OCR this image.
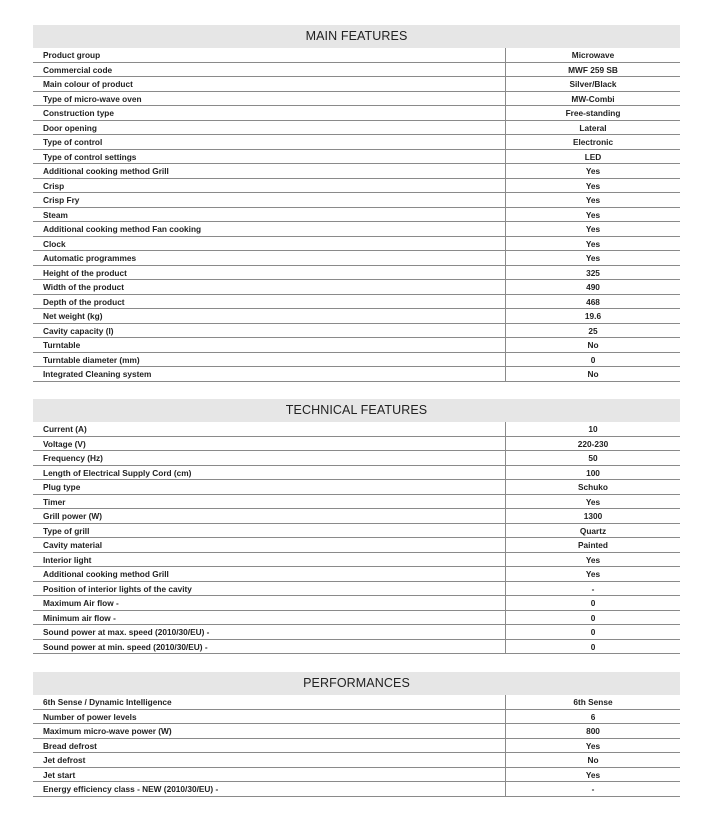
MAIN FEATURES
Product group	Microwave
Commercial code	MWF 259 SB
Main colour of product	Silver/Black
Type of micro-wave oven	MW-Combi
Construction type	Free-standing
Door opening	Lateral
Type of control	Electronic
Type of control settings	LED
Additional cooking method Grill	Yes
Crisp	Yes
Crisp Fry	Yes
Steam	Yes
Additional cooking method Fan cooking	Yes
Clock	Yes
Automatic programmes	Yes
Height of the product	325
Width of the product	490
Depth of the product	468
Net weight (kg)	19.6
Cavity capacity (l)	25
Turntable	No
Turntable diameter (mm)	0
Integrated Cleaning system	No
TECHNICAL FEATURES
Current (A)	10
Voltage (V)	220-230
Frequency (Hz)	50
Length of Electrical Supply Cord (cm)	100
Plug type	Schuko
Timer	Yes
Grill power (W)	1300
Type of grill	Quartz
Cavity material	Painted
Interior light	Yes
Additional cooking method Grill	Yes
Position of interior lights of the cavity	-
Maximum Air flow -	0
Minimum air flow -	0
Sound power at max. speed (2010/30/EU) -	0
Sound power at min. speed (2010/30/EU) -	0
PERFORMANCES
6th Sense / Dynamic Intelligence	6th Sense
Number of power levels	6
Maximum micro-wave power (W)	800
Bread defrost	Yes
Jet defrost	No
Jet start	Yes
Energy efficiency class - NEW (2010/30/EU) -	-
